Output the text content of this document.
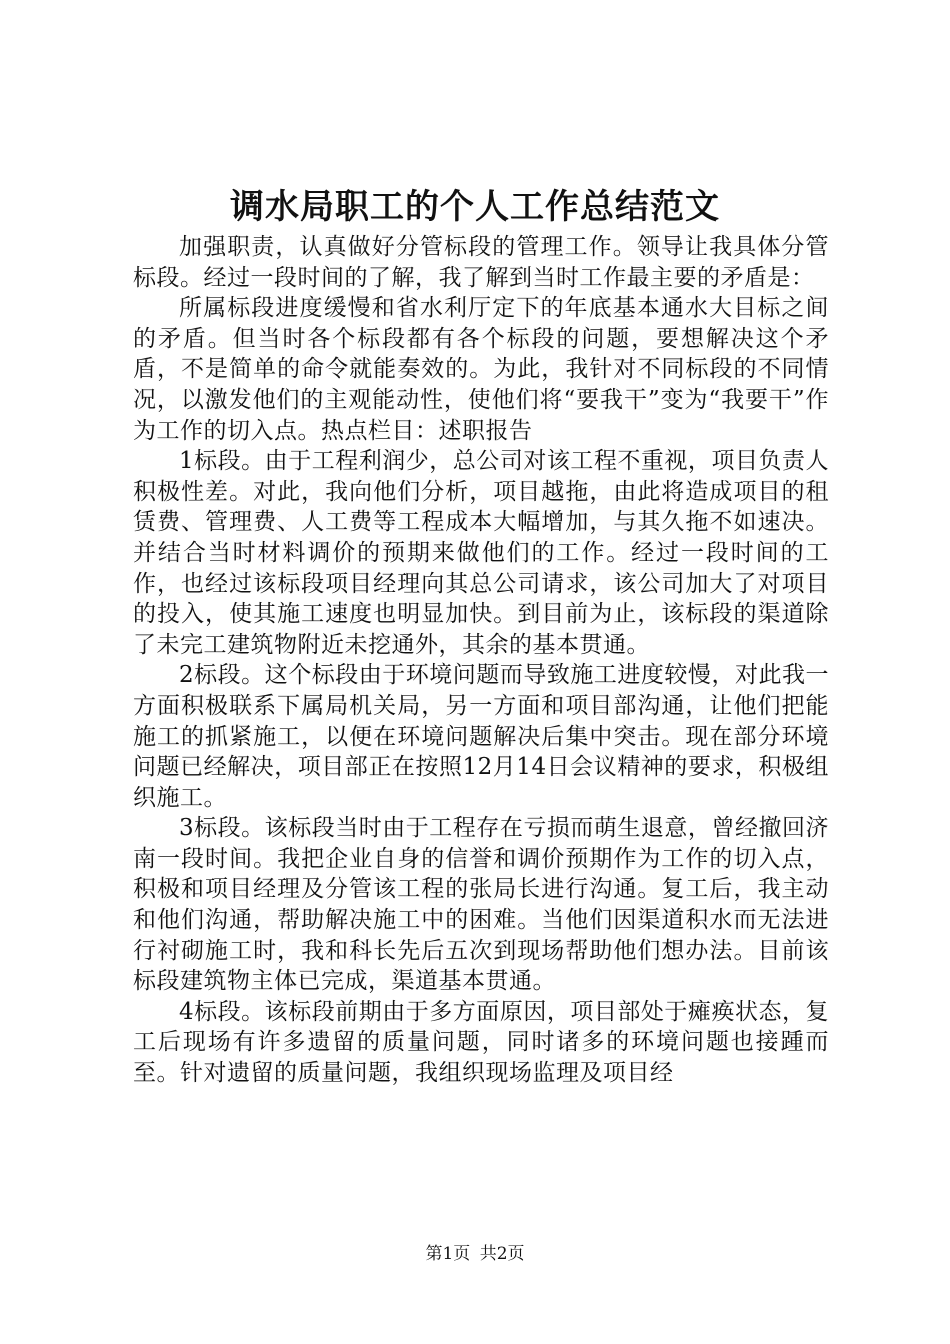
调水局职工的个人工作总结范文

加强职责，认真做好分管标段的管理工作。领导让我具体分管标段。经过一段时间的了解，我了解到当时工作最主要的矛盾是：

所属标段进度缓慢和省水利厅定下的年底基本通水大目标之间的矛盾。但当时各个标段都有各个标段的问题，要想解决这个矛盾，不是简单的命令就能奏效的。为此，我针对不同标段的不同情况，以激发他们的主观能动性，使他们将“要我干”变为“我要干”作为工作的切入点。热点栏目：述职报告

1标段。由于工程利润少，总公司对该工程不重视，项目负责人积极性差。对此，我向他们分析，项目越拖，由此将造成项目的租赁费、管理费、人工费等工程成本大幅增加，与其久拖不如速决。并结合当时材料调价的预期来做他们的工作。经过一段时间的工作，也经过该标段项目经理向其总公司请求，该公司加大了对项目的投入，使其施工速度也明显加快。到目前为止，该标段的渠道除了未完工建筑物附近未挖通外，其余的基本贯通。

2标段。这个标段由于环境问题而导致施工进度较慢，对此我一方面积极联系下属局机关局，另一方面和项目部沟通，让他们把能施工的抓紧施工，以便在环境问题解决后集中突击。现在部分环境问题已经解决，项目部正在按照12月14日会议精神的要求，积极组织施工。

3标段。该标段当时由于工程存在亏损而萌生退意，曾经撤回济南一段时间。我把企业自身的信誉和调价预期作为工作的切入点，积极和项目经理及分管该工程的张局长进行沟通。复工后，我主动和他们沟通，帮助解决施工中的困难。当他们因渠道积水而无法进行衬砌施工时，我和科长先后五次到现场帮助他们想办法。目前该标段建筑物主体已完成，渠道基本贯通。

4标段。该标段前期由于多方面原因，项目部处于瘫痪状态，复工后现场有许多遗留的质量问题，同时诸多的环境问题也接踵而至。针对遗留的质量问题，我组织现场监理及项目经

第1页 共2页
